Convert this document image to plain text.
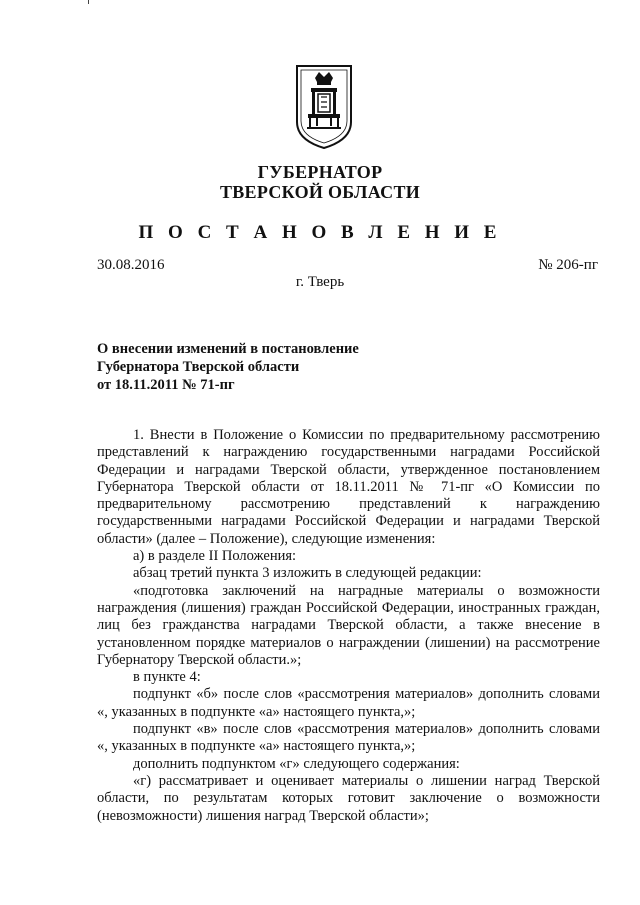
ГУБЕРНАТОР
ТВЕРСКОЙ ОБЛАСТИ
П О С Т А Н О В Л Е Н И Е
30.08.2016	№ 206-пг
г. Тверь
О внесении изменений в постановление
Губернатора Тверской области
от 18.11.2011 № 71-пг

1. Внести в Положение о Комиссии по предварительному рассмотрению представлений к награждению государственными наградами Российской Федерации и наградами Тверской области, утвержденное постановлением Губернатора Тверской области от 18.11.2011 № 71-пг «О Комиссии по предварительному рассмотрению представлений к награждению государственными наградами Российской Федерации и наградами Тверской области» (далее – Положение), следующие изменения:

а) в разделе II Положения:

абзац третий пункта 3 изложить в следующей редакции:

«подготовка заключений на наградные материалы о возможности награждения (лишения) граждан Российской Федерации, иностранных граждан, лиц без гражданства наградами Тверской области, а также внесение в установленном порядке материалов о награждении (лишении) на рассмотрение Губернатору Тверской области.»;

в пункте 4:

подпункт «б» после слов «рассмотрения материалов» дополнить словами «, указанных в подпункте «а» настоящего пункта,»;

подпункт «в» после слов «рассмотрения материалов» дополнить словами «, указанных в подпункте «а» настоящего пункта,»;

дополнить подпунктом «г» следующего содержания:

«г) рассматривает и оценивает материалы о лишении наград Тверской области, по результатам которых готовит заключение о возможности (невозможности) лишения наград Тверской области»;
